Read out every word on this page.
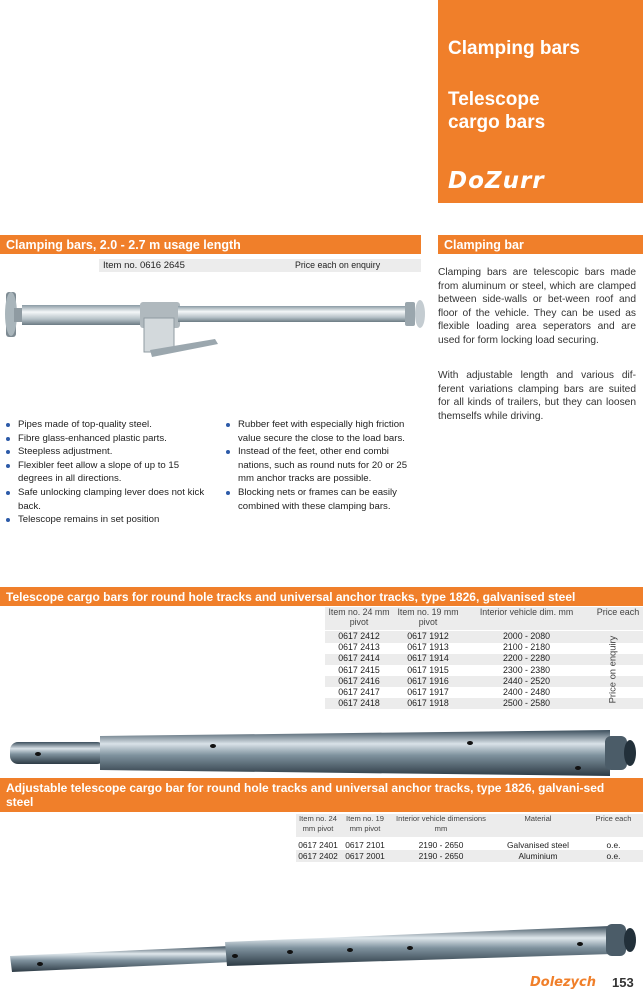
Clamping bars
Telescope
cargo bars
DoZurr
Clamping bars, 2.0 - 2.7 m usage length
Item no. 0616 2645	Price each on enquiry
Pipes made of top-quality steel.
Fibre glass-enhanced plastic parts.
Steepless adjustment.
Flexibler feet allow a slope of up to 15 degrees in all directions.
Safe unlocking clamping lever does not kick back.
Telescope remains in set position
Rubber feet with especially high friction value secure the close to the load bars.
Instead of the feet, other end combi nations, such as round nuts for 20 or 25 mm anchor tracks are possible.
Blocking nets or frames can be easily combined with these clamping bars.
Clamping bar
Clamping bars are telescopic bars made from aluminum or steel, which are clamped between side-walls or bet-ween roof and floor of the vehicle. They can be used as flexible loading area seperators and are used for form locking load securing.
With adjustable length and various dif-ferent variations clamping bars are suited for all kinds of trailers, but they can loosen themselfs while driving.
Telescope cargo bars for round hole tracks and universal anchor tracks, type 1826, galvanised steel
Item no. 24 mm pivot	Item no. 19 mm pivot	Interior vehicle dim. mm
0617 2412	0617 1912	2000 - 2080
0617 2413	0617 1913	2100 - 2180
0617 2414	0617 1914	2200 - 2280
0617 2415	0617 1915	2300 - 2380
0617 2416	0617 1916	2440 - 2520
0617 2417	0617 1917	2400 - 2480
0617 2418	0617 1918	2500 - 2580
Price each
Price on enquiry
Adjustable telescope cargo bar for round hole tracks and universal anchor tracks, type 1826, galvani-sed steel
Item no. 24 mm pivot	Item no. 19 mm pivot	Interior vehicle dimensions mm	Material	Price each
0617 2401	0617 2101	2190 - 2650	Galvanised steel	o.e.
0617 2402	0617 2001	2190 - 2650	Aluminium	o.e.
Dolezych 153
